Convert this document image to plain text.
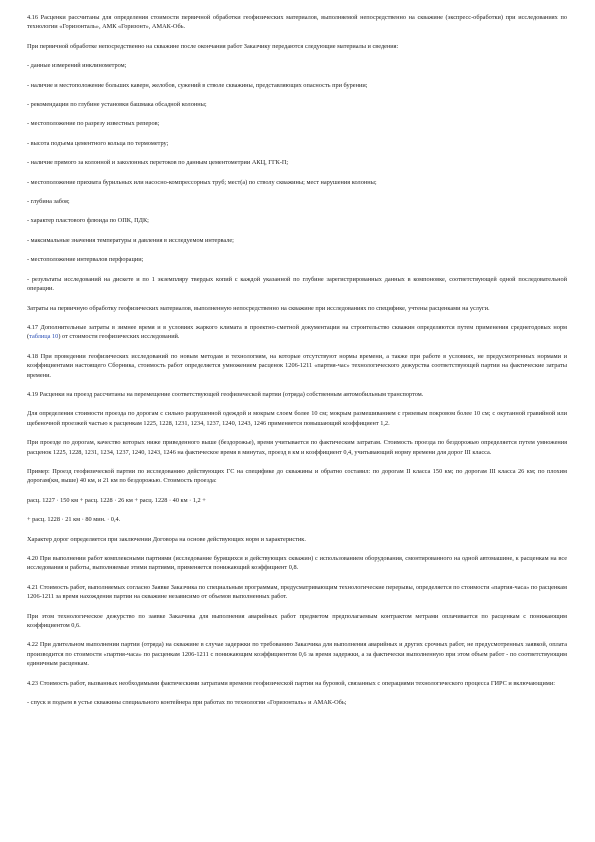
4.16 Расценки рассчитаны для определения стоимости первичной обработки геофизических материалов, выполняемой непосредственно на скважине (экспресс-обработки) при исследованиях по технологии «Горизонталь», АМК «Горизонт», АМАК-Обь.

При первичной обработке непосредственно на скважине после окончания работ Заказчику передаются следующие материалы и сведения:

- данные измерений инклинометром;

- наличие и местоположение больших каверн, желобов, сужений в стволе скважины, представляющих опасность при бурении;

- рекомендации по глубине установки башмака обсадной колонны;

- местоположение по разрезу известных реперов;

- высота подъема цементного кольца по термометру;

- наличие прямого за колонной и заколонных перетоков по данным цементометрии АКЦ, ГГК-П;

- местоположение прихвата бурильных или насосно-компрессорных труб; мест(а) по стволу скважины; мест нарушения колонны;

- глубина забоя;

- характер пластового флюида по ОПК, ПДК;

- максимальные значения температуры и давления в исследуемом интервале;

- местоположение интервалов перфорации;

- результаты исследований на дискете и по 1 экземпляру твердых копий с каждой указанной по глубине зарегистрированных данных в компоновке, соответствующей одной последовательной операции.

Затраты на первичную обработку геофизических материалов, выполненную непосредственно на скважине при исследованиях по специфике, учтены расценками на услуги.

4.17 Дополнительные затраты в зимнее время и в условиях жаркого климата в проектно-сметной документации на строительство скважин определяются путем применения среднегодовых норм (таблица 10) от стоимости геофизических исследований.

4.18 При проведении геофизических исследований по новым методам и технологиям, на которые отсутствуют нормы времени, а также при работе в условиях, не предусмотренных нормами и коэффициентами настоящего Сборника, стоимость работ определяется умножением расценок 1206-1211 «партия-час» технологического дежурства соответствующей партии на фактические затраты времени.

4.19 Расценки на проезд рассчитаны на перемещение соответствующей геофизической партии (отряда) собственным автомобильным транспортом.

Для определения стоимости проезда по дорогам с сильно разрушенной одеждой и мокрым слоем более 10 см; мокрым размешиванием с грязевым покровом более 10 см; с окутанной гравийной или щебеночной проезжей частью к расценкам 1225, 1228, 1231, 1234, 1237, 1240, 1243, 1246 применяется повышающий коэффициент 1,2.

При проезде по дорогам, качество которых ниже приведенного выше (бездорожье), время учитывается по фактическим затратам. Стоимость проезда по бездорожью определяется путем умножения расценок 1225, 1228, 1231, 1234, 1237, 1240, 1243, 1246 на фактическое время в минутах, проезд в км и коэффициент 0,4, учитывающий норму времени для дорог III класса.

Пример: Проезд геофизической партии по исследованию действующих ГС на специфике до скважины и обратно составил: по дорогам II класса 150 км; по дорогам III класса 26 км; по плохим дорогам(км, выше) 40 км, и 21 км по бездорожью. Стоимость проезда:

расц. 1227 · 150 км + расц. 1228 · 26 км + расц. 1228 · 40 км · 1,2 +

+ расц. 1228 · 21 км · 80 мин. · 0,4.

Характер дорог определяется при заключении Договора на основе действующих норм и характеристик.

4.20 При выполнении работ комплексными партиями (исследование бурящихся и действующих скважин) с использованием оборудования, смонтированного на одной автомашине, к расценкам на все исследования и работы, выполняемые этими партиями, применяется понижающий коэффициент 0,8.

4.21 Стоимость работ, выполняемых согласно Заявке Заказчика по специальным программам, предусматривающим технологические перерывы, определяется по стоимости «партия-часа» по расценкам 1206-1211 за время нахождения партии на скважине независимо от объемов выполненных работ.

При этом технологическое дежурство по заявке Заказчика для выполнения аварийных работ предметом предполагаемым контрактом метрами оплачивается по расценкам с понижающим коэффициентом 0,6.

4.22 При длительном выполнении партии (отряда) на скважине в случае задержки по требованию Заказчика для выполнения аварийных и других срочных работ, не предусмотренных заявкой, оплата производится по стоимости «партия-часа» по расценкам 1206-1211 с понижающим коэффициентом 0,6 за время задержки, а за фактически выполненную при этом объем работ - по соответствующим единичным расценкам.

4.23 Стоимость работ, вызванных необходимыми фактическими затратами времени геофизической партии на буровой, связанных с операциями технологического процесса ГИРС и включающими:

- спуск и подъем в устье скважины специального контейнера при работах по технологии «Горизонталь» и АМАК-Обь;
